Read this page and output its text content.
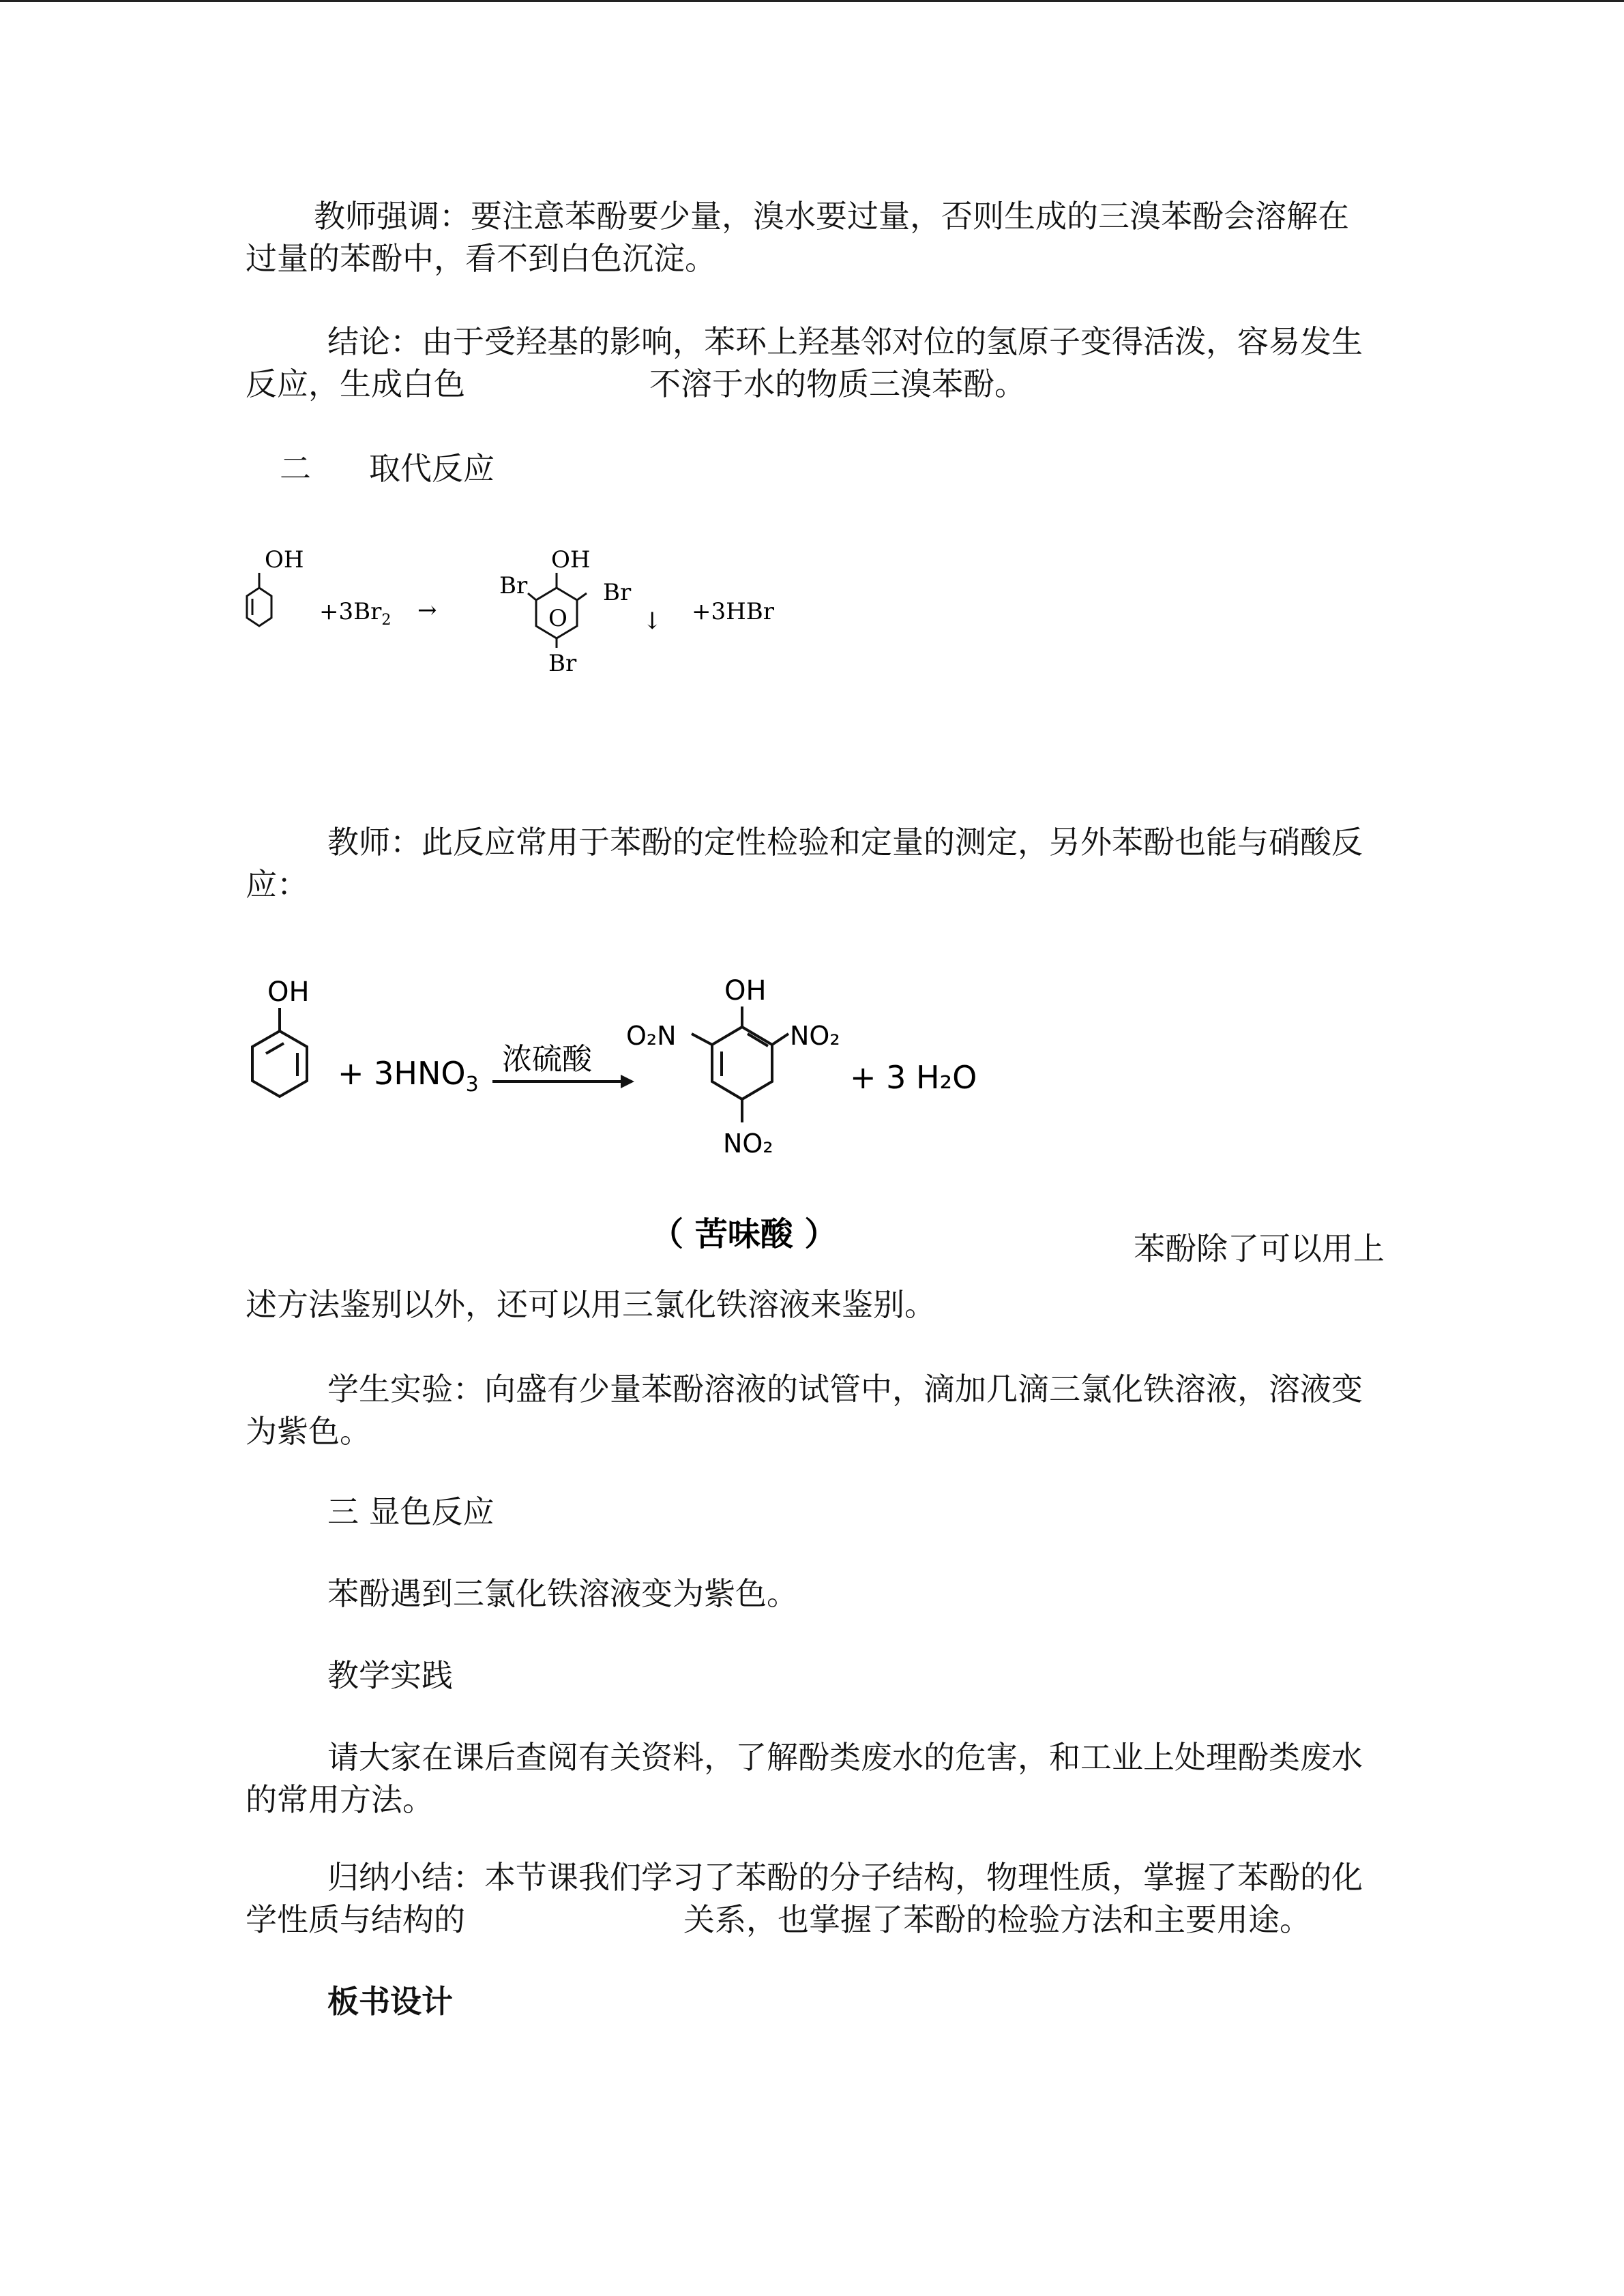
教师强调：要注意苯酚要少量，溴水要过量，否则生成的三溴苯酚会溶解在过量的苯酚中，看不到白色沉淀。

结论：由于受羟基的影响，苯环上羟基邻对位的氢原子变得活泼，容易发生反应，生成白色	不溶于水的物质三溴苯酚。

二 取代反应
OH
$+3Br_2$ →
OH
Br	Br
O
Br
↓ +3HBr

教师：此反应常用于苯酚的定性检验和定量的测定，另外苯酚也能与硝酸反应：

OH
+ $3HNO_3$
浓硫酸
OH
O₂N	NO₂
NO₂
+ 3 H₂O
（ 苦味酸 ）	苯酚除了可以用上

述方法鉴别以外，还可以用三氯化铁溶液来鉴别。

学生实验：向盛有少量苯酚溶液的试管中，滴加几滴三氯化铁溶液，溶液变为紫色。

三 显色反应

苯酚遇到三氯化铁溶液变为紫色。

教学实践

请大家在课后查阅有关资料，了解酚类废水的危害，和工业上处理酚类废水的常用方法。

归纳小结：本节课我们学习了苯酚的分子结构，物理性质，掌握了苯酚的化学性质与结构的	关系，也掌握了苯酚的检验方法和主要用途。

板书设计
